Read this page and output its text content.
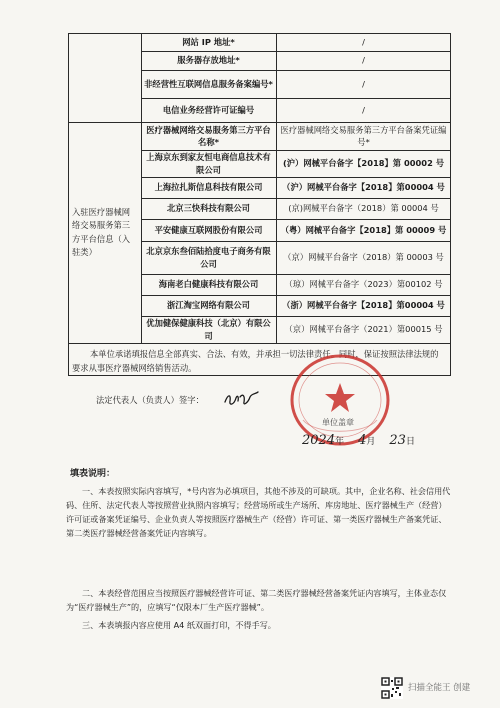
网站 IP 地址*	/
服务器存放地址*	/
非经营性互联网信息服务备案编号*	/
电信业务经营许可证编号	/
入驻医疗器械网络交易服务第三方平台信息（入驻类）
医疗器械网络交易服务第三方平台名称*
医疗器械网络交易服务第三方平台备案凭证编号*
上海京东到家友恒电商信息技术有限公司
(沪）网械平台备字【2018】第 00002 号
上海拉扎斯信息科技有限公司	（沪）网械平台备字【2018】第00004 号
北京三快科技有限公司	(京)网械平台备字（2018）第 00004 号
平安健康互联网股份有限公司	（粤）网械平台备字【2018】第 00009 号
北京京东叁佰陆拾度电子商务有限公司
（京）网械平台备字（2018）第 00003 号
海南老白健康科技有限公司	（琼）网械平台备字（2023）第00102 号
浙江淘宝网络有限公司	（浙）网械平台备字【2018】第00004 号
优加健保健康科技（北京）有限公司
（京）网械平台备字（2021）第00015 号
本单位承诺填报信息全部真实、合法、有效，并承担一切法律责任。同时，保证按照法律法规的要求从事医疗器械网络销售活动。
法定代表人（负责人）签字：
单位盖章
2024年 4月 23日
填表说明：
一、本表按照实际内容填写，*号内容为必填项目，其他不涉及的可缺项。其中，企业名称、社会信用代码、住所、法定代表人等按照营业执照内容填写；经营场所或生产场所、库房地址、医疗器械生产（经营）许可证或备案凭证编号、企业负责人等按照医疗器械生产（经营）许可证、第一类医疗器械生产备案凭证、第二类医疗器械经营备案凭证内容填写。
二、本表经营范围应当按照医疗器械经营许可证、第二类医疗器械经营备案凭证内容填写，主体业态仅为“医疗器械生产”的，应填写“仅限本厂生产医疗器械”。
三、本表填报内容应使用 A4 纸双面打印，不得手写。
扫描全能王 创建
